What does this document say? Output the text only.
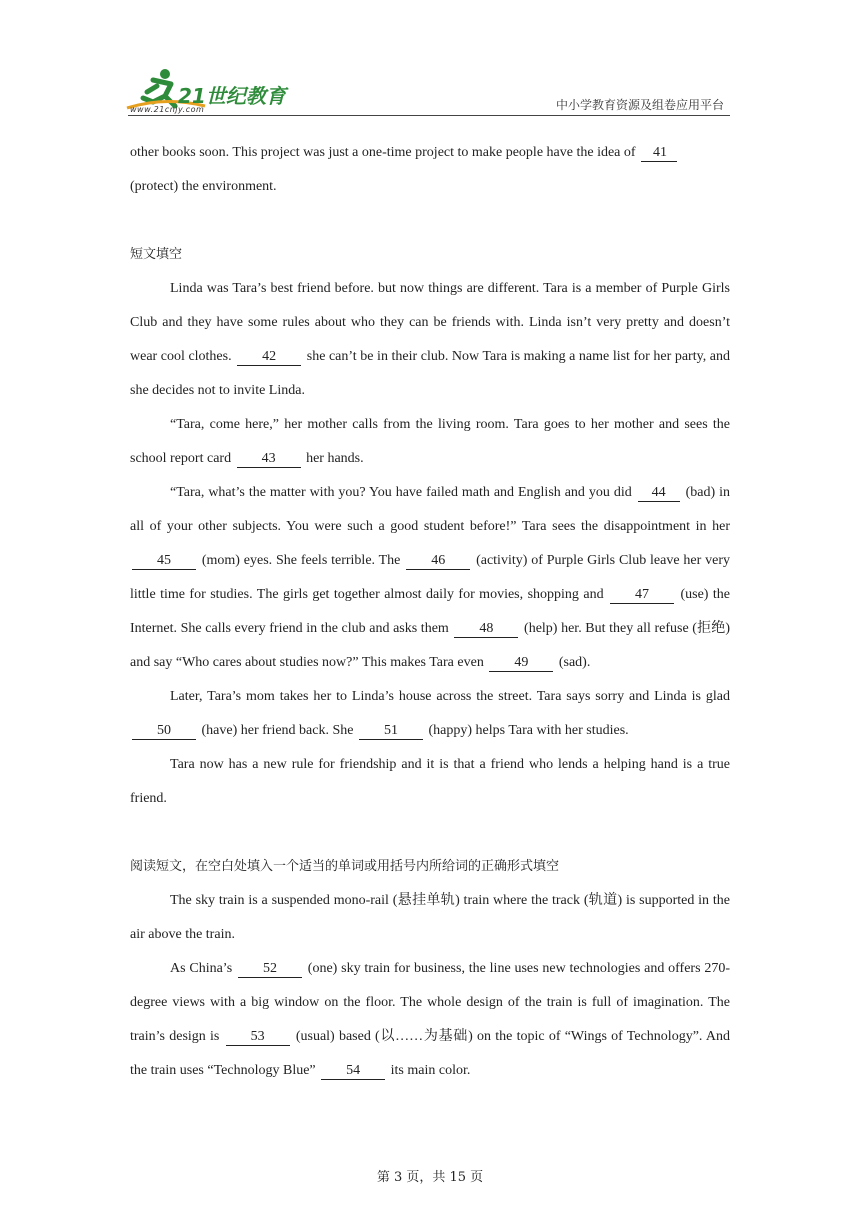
21世纪教育
www.21cnjy.com	中小学教育资源及组卷应用平台

other books soon. This project was just a one-time project to make people have the idea of 41
(protect) the environment.

短文填空

Linda was Tara’s best friend before. but now things are different. Tara is a member of Purple Girls Club and they have some rules about who they can be friends with. Linda isn’t very pretty and doesn’t wear cool clothes. 42 she can’t be in their club. Now Tara is making a name list for her party, and she decides not to invite Linda.

“Tara, come here,” her mother calls from the living room. Tara goes to her mother and sees the school report card 43 her hands.

“Tara, what’s the matter with you? You have failed math and English and you did 44 (bad) in all of your other subjects. You were such a good student before!” Tara sees the disappointment in her 45 (mom) eyes. She feels terrible. The 46 (activity) of Purple Girls Club leave her very little time for studies. The girls get together almost daily for movies, shopping and 47 (use) the Internet. She calls every friend in the club and asks them 48 (help) her. But they all refuse (拒绝) and say “Who cares about studies now?” This makes Tara even 49 (sad).

Later, Tara’s mom takes her to Linda’s house across the street. Tara says sorry and Linda is glad 50 (have) her friend back. She 51 (happy) helps Tara with her studies.

Tara now has a new rule for friendship and it is that a friend who lends a helping hand is a true friend.

阅读短文，在空白处填入一个适当的单词或用括号内所给词的正确形式填空

The sky train is a suspended mono-rail (悬挂单轨) train where the track (轨道) is supported in the air above the train.

As China’s 52 (one) sky train for business, the line uses new technologies and offers 270-degree views with a big window on the floor. The whole design of the train is full of imagination. The train’s design is 53 (usual) based (以……为基础) on the topic of “Wings of Technology”. And the train uses “Technology Blue” 54 its main color.

第 3 页，共 15 页
